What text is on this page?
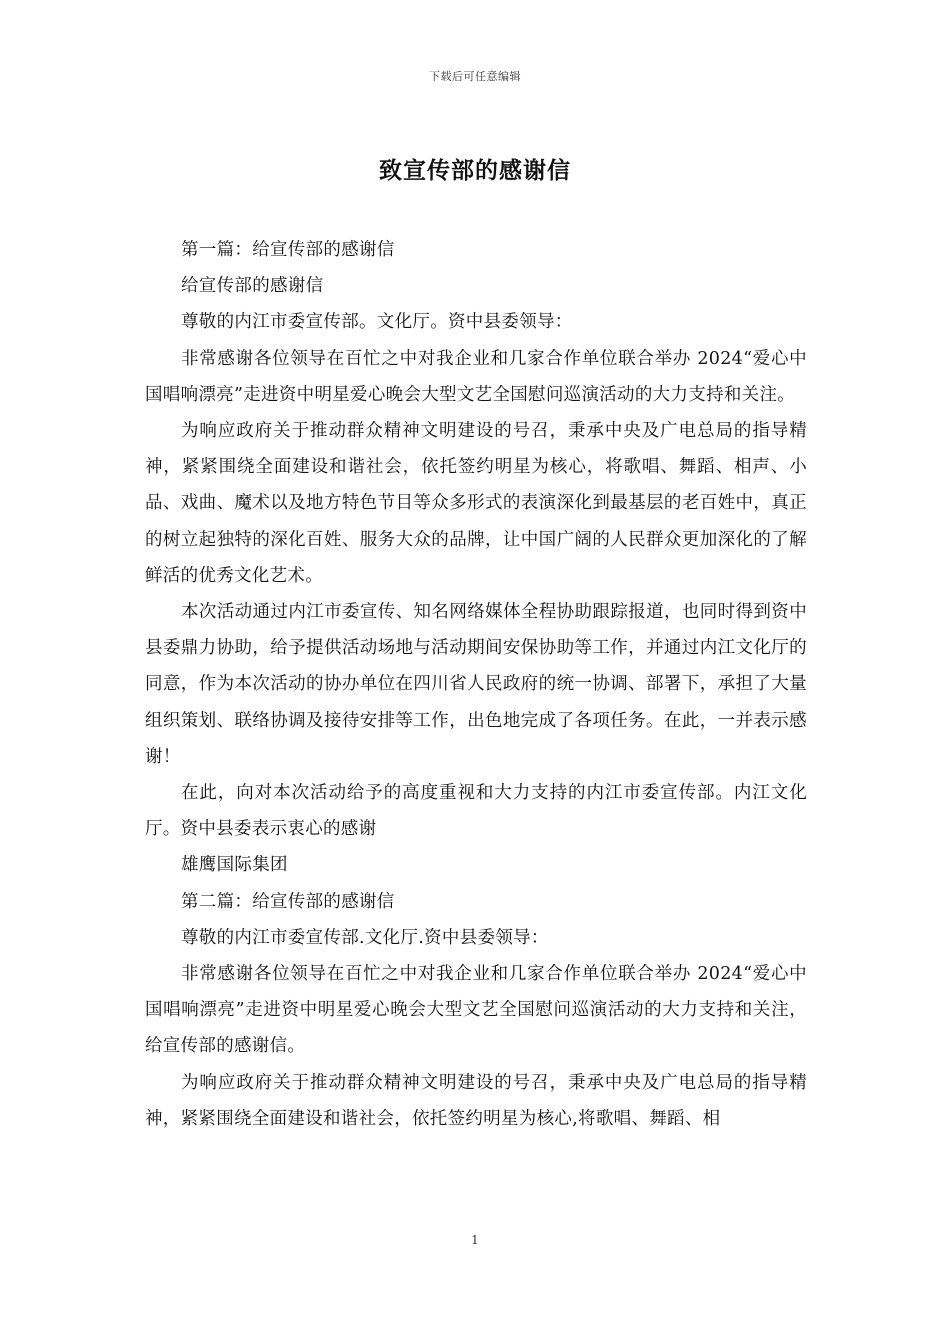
下载后可任意编辑
致宣传部的感谢信

第一篇：给宣传部的感谢信

给宣传部的感谢信

尊敬的内江市委宣传部。文化厅。资中县委领导：

非常感谢各位领导在百忙之中对我企业和几家合作单位联合举办 2024“爱心中国唱响漂亮”走进资中明星爱心晚会大型文艺全国慰问巡演活动的大力支持和关注。

为响应政府关于推动群众精神文明建设的号召，秉承中央及广电总局的指导精神，紧紧围绕全面建设和谐社会，依托签约明星为核心，将歌唱、舞蹈、相声、小品、戏曲、魔术以及地方特色节目等众多形式的表演深化到最基层的老百姓中，真正的树立起独特的深化百姓、服务大众的品牌，让中国广阔的人民群众更加深化的了解鲜活的优秀文化艺术。

本次活动通过内江市委宣传、知名网络媒体全程协助跟踪报道，也同时得到资中县委鼎力协助，给予提供活动场地与活动期间安保协助等工作，并通过内江文化厅的同意，作为本次活动的协办单位在四川省人民政府的统一协调、部署下，承担了大量组织策划、联络协调及接待安排等工作，出色地完成了各项任务。在此，一并表示感谢！

在此，向对本次活动给予的高度重视和大力支持的内江市委宣传部。内江文化厅。资中县委表示衷心的感谢

雄鹰国际集团

第二篇：给宣传部的感谢信

尊敬的内江市委宣传部.文化厅.资中县委领导：

非常感谢各位领导在百忙之中对我企业和几家合作单位联合举办 2024“爱心中国唱响漂亮”走进资中明星爱心晚会大型文艺全国慰问巡演活动的大力支持和关注，给宣传部的感谢信。

为响应政府关于推动群众精神文明建设的号召，秉承中央及广电总局的指导精神，紧紧围绕全面建设和谐社会，依托签约明星为核心,将歌唱、舞蹈、相

1
